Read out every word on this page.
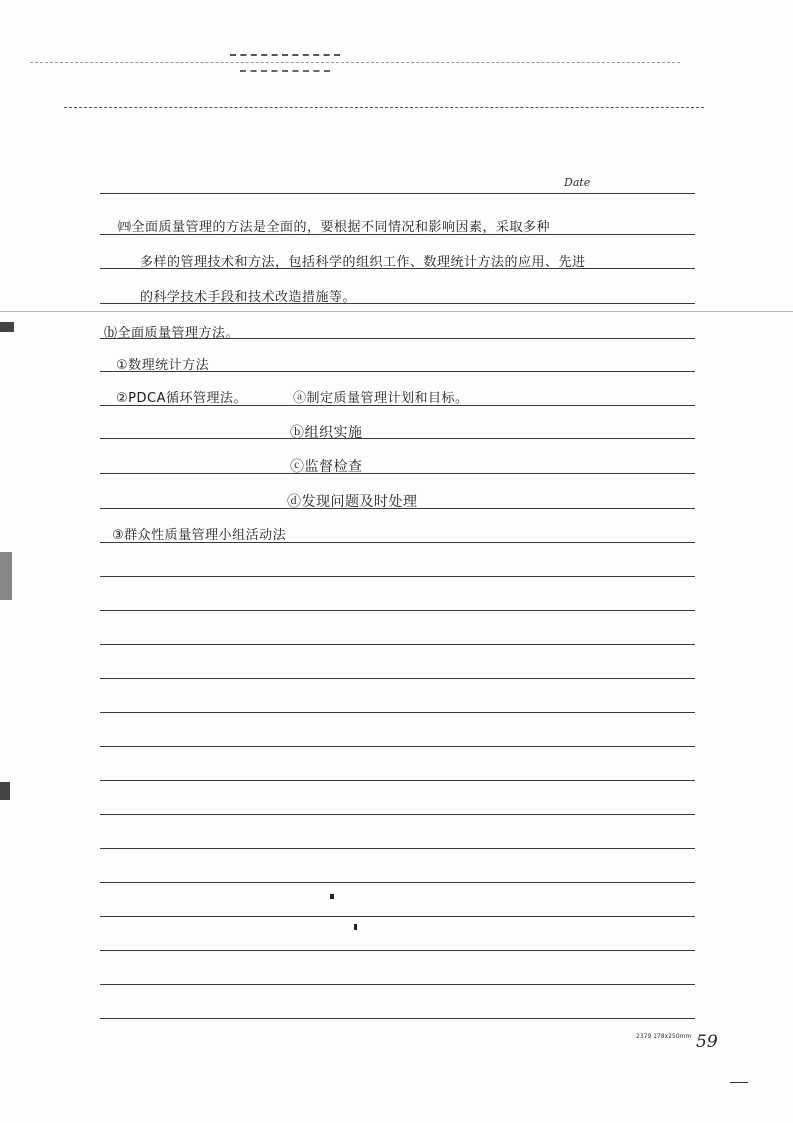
Date
㈣全面质量管理的方法是全面的，要根据不同情况和影响因素，采取多种
多样的管理技术和方法，包括科学的组织工作、数理统计方法的应用、先进
的科学技术手段和技术改造措施等。
⒝全面质量管理方法。
①数理统计方法
②PDCA循环管理法。	ⓐ制定质量管理计划和目标。
ⓑ组织实施
ⓒ监督检查
ⓓ发现问题及时处理
③群众性质量管理小组活动法
2379 178x250mm 59
